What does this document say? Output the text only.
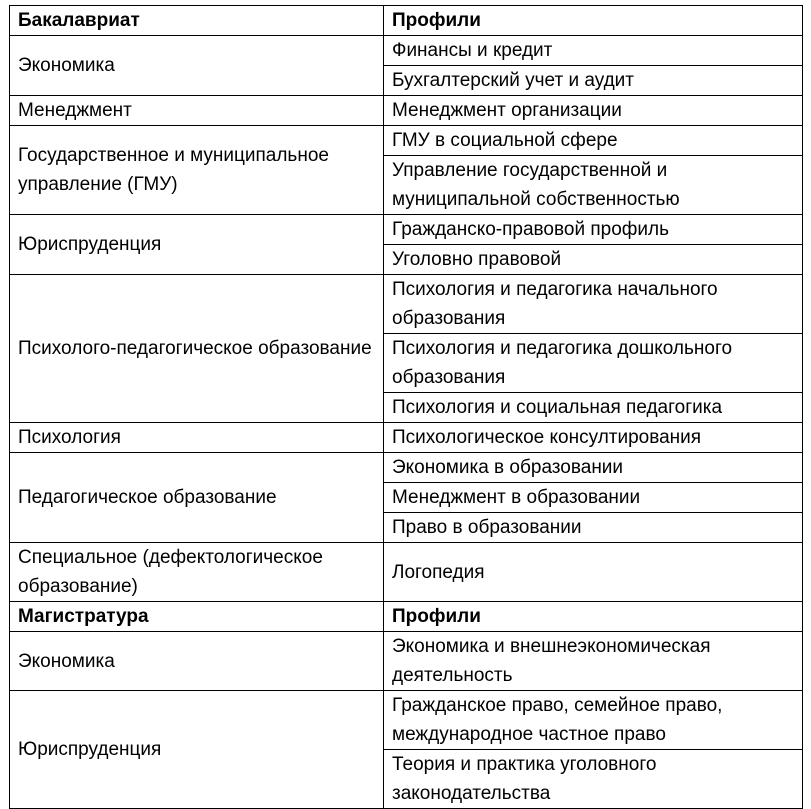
Бакалавриат	Профили
Экономика	Финансы и кредит
	Бухгалтерский учет и аудит
Менеджмент	Менеджмент организации
Государственное и муниципальное управление (ГМУ)	ГМУ в социальной сфере
	Управление государственной и муниципальной собственностью
Юриспруденция	Гражданско-правовой профиль
	Уголовно правовой
Психолого-педагогическое образование	Психология и педагогика начального образования
	Психология и педагогика дошкольного образования
	Психология и социальная педагогика
Психология	Психологическое консултирования
Педагогическое образование	Экономика в образовании
	Менеджмент в образовании
	Право в образовании
Специальное (дефектологическое образование)	Логопедия
Магистратура	Профили
Экономика	Экономика и внешнеэкономическая деятельность
Юриспруденция	Гражданское право, семейное право, международное частное право
	Теория и практика уголовного законодательства
